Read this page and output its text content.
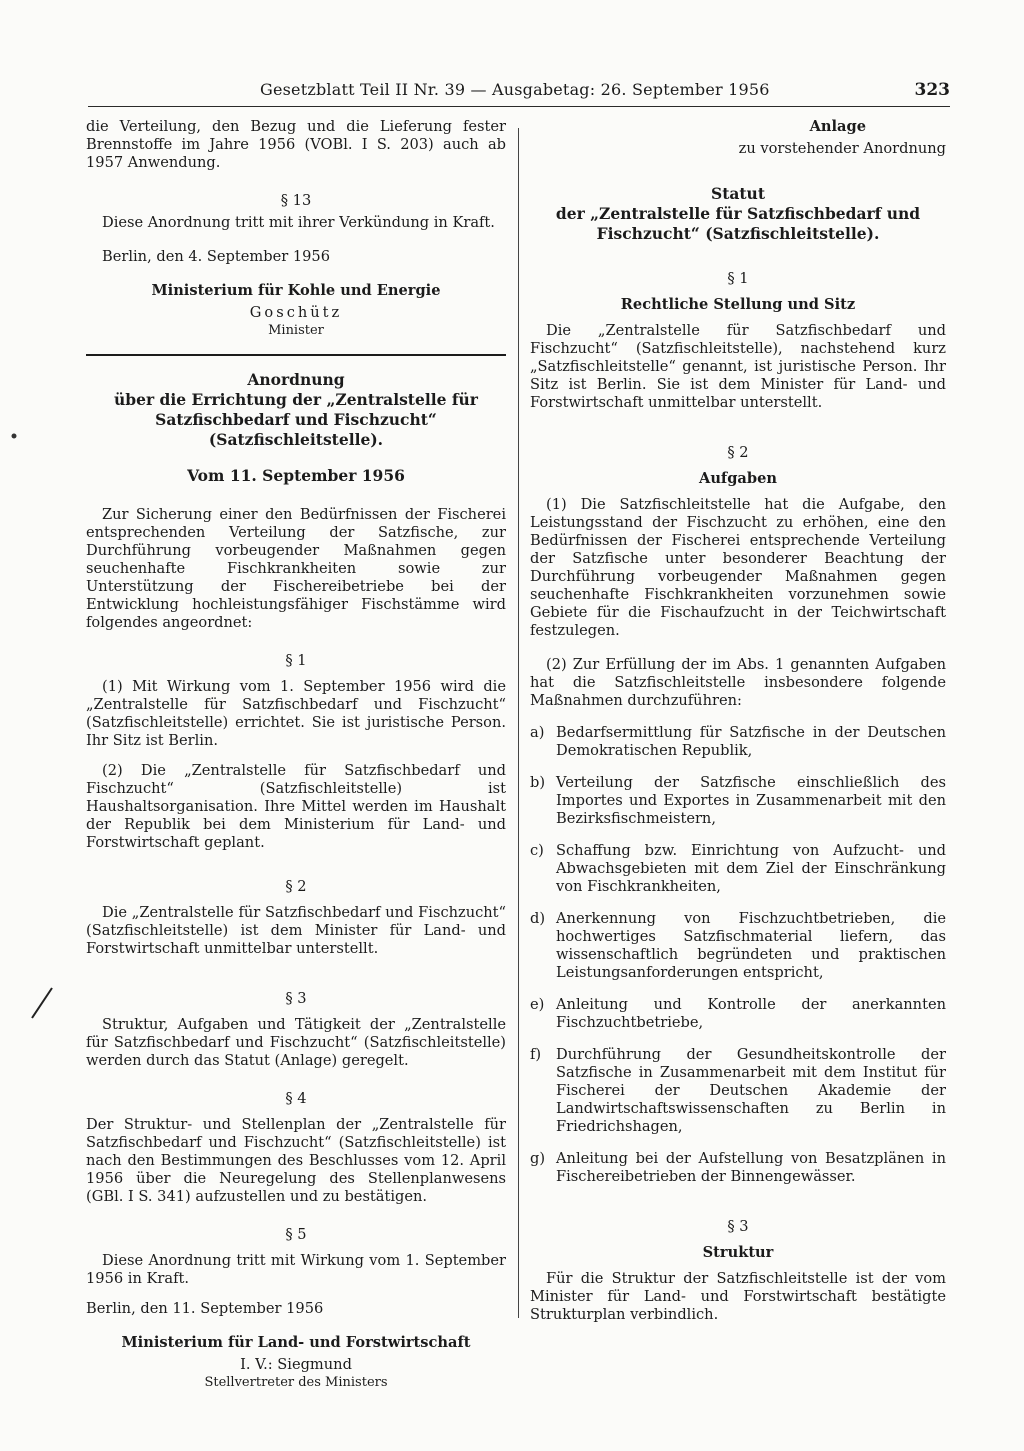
Gesetzblatt Teil II Nr. 39 — Ausgabetag: 26. September 1956	323

die Verteilung, den Bezug und die Lieferung fester Brennstoffe im Jahre 1956 (VOBl. I S. 203) auch ab 1957 Anwendung.

§ 13

Diese Anordnung tritt mit ihrer Verkündung in Kraft.

Berlin, den 4. September 1956

Ministerium für Kohle und Energie

Goschütz

Minister

Anordnung

über die Errichtung der „Zentralstelle für Satzfischbedarf und Fischzucht“ (Satzfischleitstelle).

Vom 11. September 1956

Zur Sicherung einer den Bedürfnissen der Fischerei entsprechenden Verteilung der Satzfische, zur Durchführung vorbeugender Maßnahmen gegen seuchenhafte Fischkrankheiten sowie zur Unterstützung der Fischereibetriebe bei der Entwicklung hochleistungsfähiger Fischstämme wird folgendes angeordnet:

§ 1

(1) Mit Wirkung vom 1. September 1956 wird die „Zentralstelle für Satzfischbedarf und Fischzucht“ (Satzfischleitstelle) errichtet. Sie ist juristische Person. Ihr Sitz ist Berlin.

(2) Die „Zentralstelle für Satzfischbedarf und Fischzucht“ (Satzfischleitstelle) ist Haushaltsorganisation. Ihre Mittel werden im Haushalt der Republik bei dem Ministerium für Land- und Forstwirtschaft geplant.

§ 2

Die „Zentralstelle für Satzfischbedarf und Fischzucht“ (Satzfischleitstelle) ist dem Minister für Land- und Forstwirtschaft unmittelbar unterstellt.

§ 3

Struktur, Aufgaben und Tätigkeit der „Zentralstelle für Satzfischbedarf und Fischzucht“ (Satzfischleitstelle) werden durch das Statut (Anlage) geregelt.

§ 4

Der Struktur- und Stellenplan der „Zentralstelle für Satzfischbedarf und Fischzucht“ (Satzfischleitstelle) ist nach den Bestimmungen des Beschlusses vom 12. April 1956 über die Neuregelung des Stellenplanwesens (GBl. I S. 341) aufzustellen und zu bestätigen.

§ 5

Diese Anordnung tritt mit Wirkung vom 1. September 1956 in Kraft.

Berlin, den 11. September 1956

Ministerium für Land- und Forstwirtschaft

I. V.: Siegmund

Stellvertreter des Ministers

Anlage

zu vorstehender Anordnung

Statut

der „Zentralstelle für Satzfischbedarf und Fischzucht“ (Satzfischleitstelle).

§ 1

Rechtliche Stellung und Sitz

Die „Zentralstelle für Satzfischbedarf und Fischzucht“ (Satzfischleitstelle), nachstehend kurz „Satzfischleitstelle“ genannt, ist juristische Person. Ihr Sitz ist Berlin. Sie ist dem Minister für Land- und Forstwirtschaft unmittelbar unterstellt.

§ 2

Aufgaben

(1) Die Satzfischleitstelle hat die Aufgabe, den Leistungsstand der Fischzucht zu erhöhen, eine den Bedürfnissen der Fischerei entsprechende Verteilung der Satzfische unter besonderer Beachtung der Durchführung vorbeugender Maßnahmen gegen seuchenhafte Fischkrankheiten vorzunehmen sowie Gebiete für die Fischaufzucht in der Teichwirtschaft festzulegen.

(2) Zur Erfüllung der im Abs. 1 genannten Aufgaben hat die Satzfischleitstelle insbesondere folgende Maßnahmen durchzuführen:

a) Bedarfsermittlung für Satzfische in der Deutschen Demokratischen Republik,
b) Verteilung der Satzfische einschließlich des Importes und Exportes in Zusammenarbeit mit den Bezirksfischmeistern,
c) Schaffung bzw. Einrichtung von Aufzucht- und Abwachsgebieten mit dem Ziel der Einschränkung von Fischkrankheiten,
d) Anerkennung von Fischzuchtbetrieben, die hochwertiges Satzfischmaterial liefern, das wissenschaftlich begründeten und praktischen Leistungsanforderungen entspricht,
e) Anleitung und Kontrolle der anerkannten Fischzuchtbetriebe,
f)	Durchführung der Gesundheitskontrolle der Satzfische in Zusammenarbeit mit dem Institut für Fischerei der Deutschen Akademie der Landwirtschaftswissenschaften zu Berlin in Friedrichshagen,
g) Anleitung bei der Aufstellung von Besatzplänen in Fischereibetrieben der Binnengewässer.

§ 3

Struktur

Für die Struktur der Satzfischleitstelle ist der vom Minister für Land- und Forstwirtschaft bestätigte Strukturplan verbindlich.
